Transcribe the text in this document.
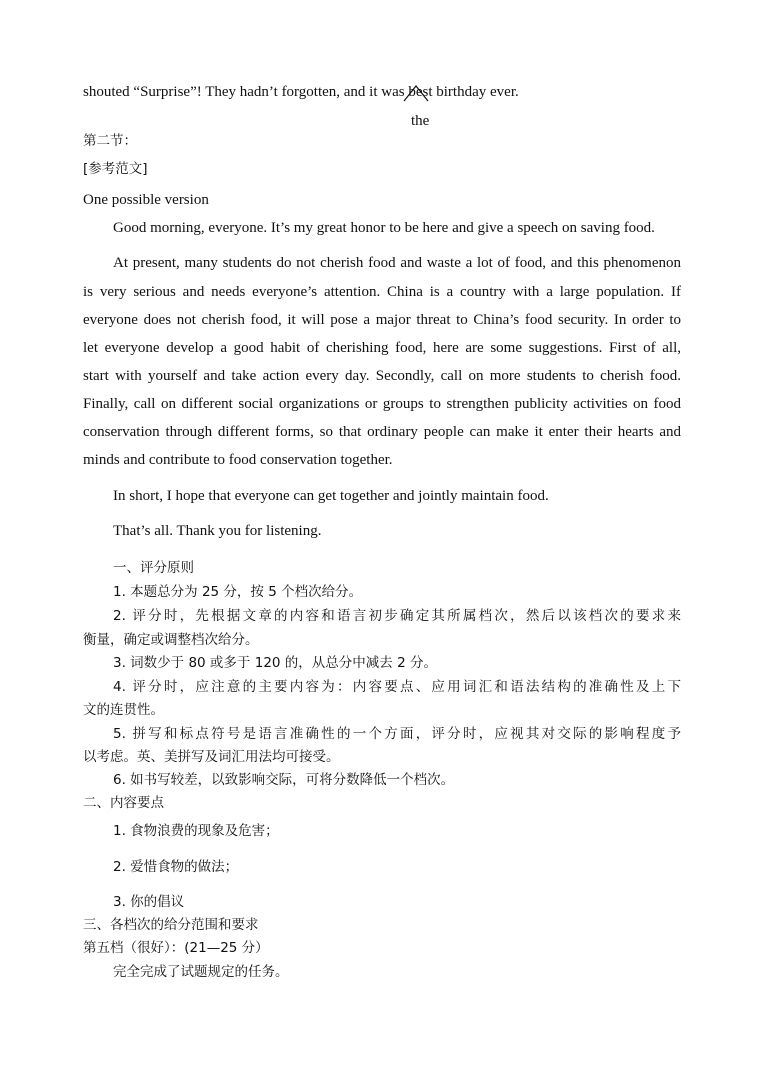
shouted “Surprise”! They hadn’t forgotten, and it was best birthday ever.
the
第二节：
[参考范文]
One possible version
Good morning, everyone. It’s my great honor to be here and give a speech on saving food.
At present, many students do not cherish food and waste a lot of food, and this phenomenon
is very serious and needs everyone’s attention. China is a country with a large population. If
everyone does not cherish food, it will pose a major threat to China’s food security. In order to
let everyone develop a good habit of cherishing food, here are some suggestions. First of all,
start with yourself and take action every day. Secondly, call on more students to cherish food.
Finally, call on different social organizations or groups to strengthen publicity activities on food
conservation through different forms, so that ordinary people can make it enter their hearts and
minds and contribute to food conservation together.
In short, I hope that everyone can get together and jointly maintain food.
That’s all. Thank you for listening.
一、评分原则
1. 本题总分为 25 分，按 5 个档次给分。
2. 评分时，先根据文章的内容和语言初步确定其所属档次，然后以该档次的要求来
衡量，确定或调整档次给分。
3. 词数少于 80 或多于 120 的，从总分中减去 2 分。
4. 评分时，应注意的主要内容为：内容要点、应用词汇和语法结构的准确性及上下
文的连贯性。
5. 拼写和标点符号是语言准确性的一个方面，评分时，应视其对交际的影响程度予
以考虑。英、美拼写及词汇用法均可接受。
6. 如书写较差，以致影响交际，可将分数降低一个档次。
二、内容要点
1. 食物浪费的现象及危害；
2. 爱惜食物的做法；
3. 你的倡议
三、各档次的给分范围和要求
第五档（很好）：(21—25 分）
完全完成了试题规定的任务。
